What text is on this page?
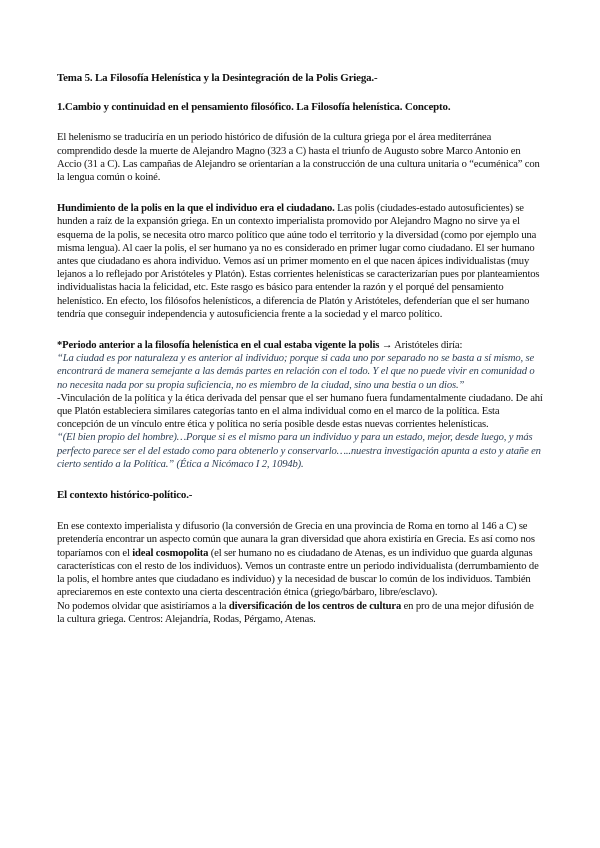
Tema 5. La Filosofía Helenística y la Desintegración de la Polis Griega.-

1.Cambio y continuidad en el pensamiento filosófico. La Filosofía helenística. Concepto.

El helenismo se traduciría en un periodo histórico de difusión de la cultura griega por el área mediterránea comprendido desde la muerte de Alejandro Magno (323 a C) hasta el triunfo de Augusto sobre Marco Antonio en Accio (31 a C). Las campañas de Alejandro se orientarían a la construcción de una cultura unitaria o “ecuménica” con la lengua común o koiné.

Hundimiento de la polis en la que el individuo era el ciudadano. Las polis (ciudades-estado autosuficientes) se hunden a raíz de la expansión griega. En un contexto imperialista promovido por Alejandro Magno no sirve ya el esquema de la polis, se necesita otro marco político que aúne todo el territorio y la diversidad (como por ejemplo una misma lengua). Al caer la polis, el ser humano ya no es considerado en primer lugar como ciudadano. El ser humano antes que ciudadano es ahora individuo. Vemos así un primer momento en el que nacen ápices individualistas (muy lejanos a lo reflejado por Aristóteles y Platón). Estas corrientes helenísticas se caracterizarían pues por planteamientos individualistas hacia la felicidad, etc. Este rasgo es básico para entender la razón y el porqué del pensamiento helenístico. En efecto, los filósofos helenísticos, a diferencia de Platón y Aristóteles, defenderían que el ser humano tendría que conseguir independencia y autosuficiencia frente a la sociedad y el marco político.

*Periodo anterior a la filosofía helenística en el cual estaba vigente la polis → Aristóteles diría:

“La ciudad es por naturaleza y es anterior al individuo; porque si cada uno por separado no se basta a sí mismo, se encontrará de manera semejante a las demás partes en relación con el todo. Y el que no puede vivir en comunidad o no necesita nada por su propia suficiencia, no es miembro de la ciudad, sino una bestia o un dios.”

-Vinculación de la política y la ética derivada del pensar que el ser humano fuera fundamentalmente ciudadano. De ahí que Platón estableciera similares categorías tanto en el alma individual como en el marco de la política. Esta concepción de un vínculo entre ética y política no sería posible desde estas nuevas corrientes helenísticas.

“(El bien propio del hombre)…Porque si es el mismo para un individuo y para un estado, mejor, desde luego, y más perfecto parece ser el del estado como para obtenerlo y conservarlo…..nuestra investigación apunta a esto y atañe en cierto sentido a la Política.” (Ética a Nicómaco I 2, 1094b).

El contexto histórico-político.-

En ese contexto imperialista y difusorio (la conversión de Grecia en una provincia de Roma en torno al 146 a C) se pretendería encontrar un aspecto común que aunara la gran diversidad que ahora existiría en Grecia. Es así como nos toparíamos con el ideal cosmopolita (el ser humano no es ciudadano de Atenas, es un individuo que guarda algunas características con el resto de los individuos). Vemos un contraste entre un periodo individualista (derrumbamiento de la polis, el hombre antes que ciudadano es individuo) y la necesidad de buscar lo común de los individuos. También apreciaremos en este contexto una cierta descentración étnica (griego/bárbaro, libre/esclavo).

No podemos olvidar que asistiríamos a la diversificación de los centros de cultura en pro de una mejor difusión de la cultura griega. Centros: Alejandría, Rodas, Pérgamo, Atenas.
